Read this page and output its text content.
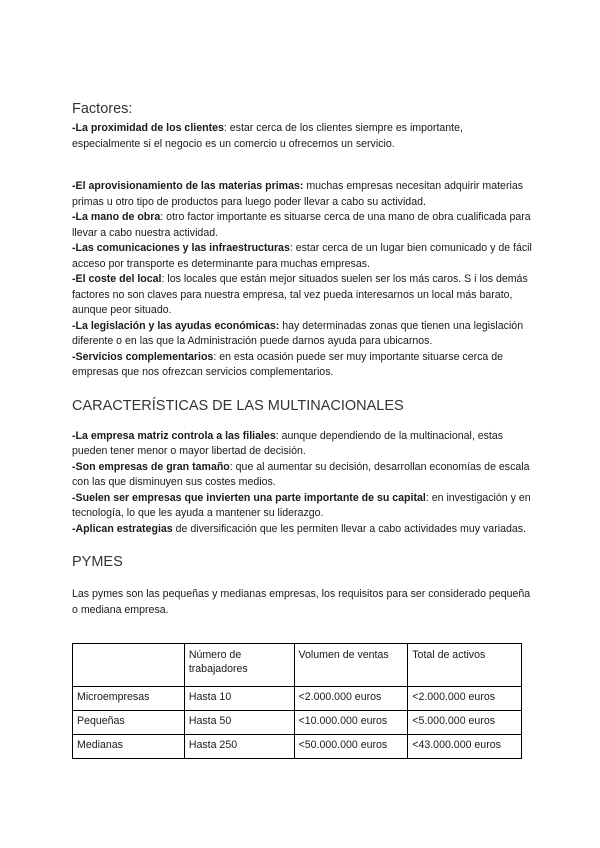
Factores:

-La proximidad de los clientes: estar cerca de los clientes siempre es importante, especialmente si el negocio es un comercio u ofrecemos un servicio.

-El aprovisionamiento de las materias primas: muchas empresas necesitan adquirir materias primas u otro tipo de productos para luego poder llevar a cabo su actividad.

-La mano de obra: otro factor importante es situarse cerca de una mano de obra cualificada para llevar a cabo nuestra actividad.

-Las comunicaciones y las infraestructuras: estar cerca de un lugar bien comunicado y de fácil acceso por transporte es determinante para muchas empresas.

-El coste del local: los locales que están mejor situados suelen ser los más caros. S i los demás factores no son claves para nuestra empresa, tal vez pueda interesarnos un local más barato, aunque peor situado.

-La legislación y las ayudas económicas: hay determinadas zonas que tienen una legislación diferente o en las que la Administración puede darnos ayuda para ubicarnos.

-Servicios complementarios: en esta ocasión puede ser muy importante situarse cerca de empresas que nos ofrezcan servicios complementarios.

CARACTERÍSTICAS DE LAS MULTINACIONALES

-La empresa matriz controla a las filiales: aunque dependiendo de la multinacional, estas pueden tener menor o mayor libertad de decisión.

-Son empresas de gran tamaño: que al aumentar su decisión, desarrollan economías de escala con las que disminuyen sus costes medios.

-Suelen ser empresas que invierten una parte importante de su capital: en investigación y en tecnología, lo que les ayuda a mantener su liderazgo.

-Aplican estrategias de diversificación que les permiten llevar a cabo actividades muy variadas.

PYMES

Las pymes son las pequeñas y medianas empresas, los requisitos para ser considerado pequeña o mediana empresa.

	Número de trabajadores	Volumen de ventas	Total de activos
Microempresas	Hasta 10	<2.000.000 euros	<2.000.000 euros
Pequeñas	Hasta 50	<10.000.000 euros	<5.000.000 euros
Medianas	Hasta 250	<50.000.000 euros	<43.000.000 euros
